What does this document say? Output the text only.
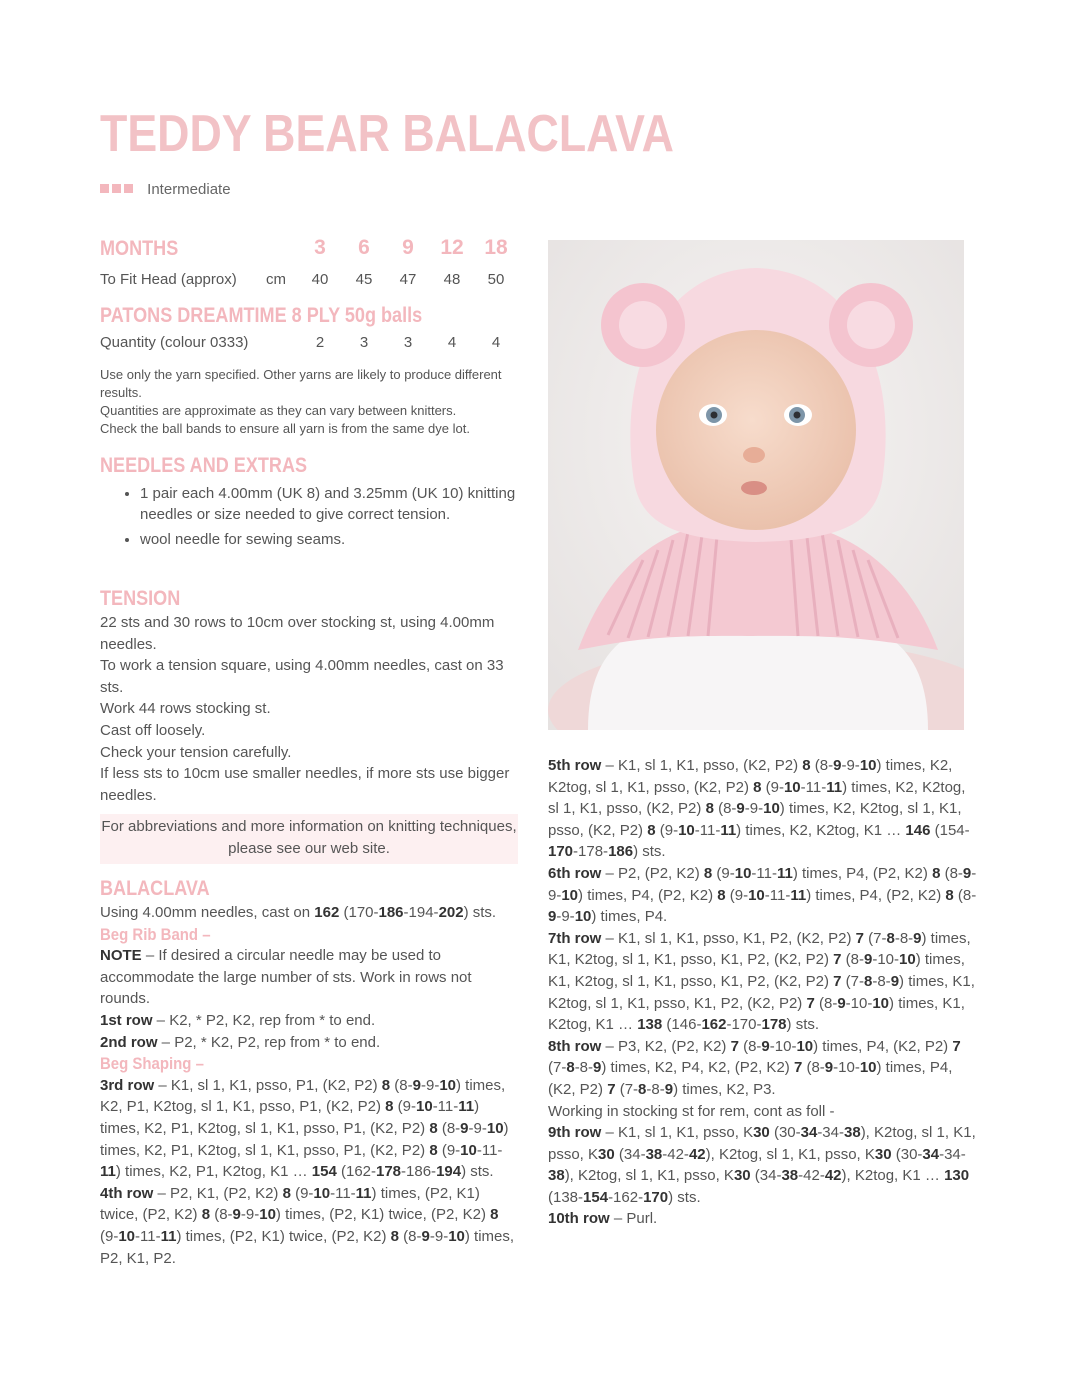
TEDDY BEAR BALACLAVA
Intermediate
MONTHS	3	6	9	12 18
To Fit Head (approx) cm	40	45	47	48	50
PATONS DREAMTIME 8 PLY 50g balls
Quantity (colour 0333)	2	3	3	4	4

Use only the yarn specified. Other yarns are likely to produce different results.

Quantities are approximate as they can vary between knitters.

Check the ball bands to ensure all yarn is from the same dye lot.

NEEDLES AND EXTRAS
• 1 pair each 4.00mm (UK 8) and 3.25mm (UK 10) knitting needles or size needed to give correct tension.
• wool needle for sewing seams.
TENSION

22 sts and 30 rows to 10cm over stocking st, using 4.00mm needles.

To work a tension square, using 4.00mm needles, cast on 33 sts.

Work 44 rows stocking st.

Cast off loosely.

Check your tension carefully.

If less sts to 10cm use smaller needles, if more sts use bigger needles.

For abbreviations and more information on knitting techniques, please see our web site.
BALACLAVA

Using 4.00mm needles, cast on 162 (170-186-194-202) sts.

Beg Rib Band –

NOTE – If desired a circular needle may be used to accommodate the large number of sts. Work in rows not rounds.

1st row – K2, * P2, K2, rep from * to end.

2nd row – P2, * K2, P2, rep from * to end.

Beg Shaping –

3rd row – K1, sl 1, K1, psso, P1, (K2, P2) 8 (8-9-9-10) times, K2, P1, K2tog, sl 1, K1, psso, P1, (K2, P2) 8 (9-10-11-11) times, K2, P1, K2tog, sl 1, K1, psso, P1, (K2, P2) 8 (8-9-9-10) times, K2, P1, K2tog, sl 1, K1, psso, P1, (K2, P2) 8 (9-10-11-11) times, K2, P1, K2tog, K1 … 154 (162-178-186-194) sts.

4th row – P2, K1, (P2, K2) 8 (9-10-11-11) times, (P2, K1) twice, (P2, K2) 8 (8-9-9-10) times, (P2, K1) twice, (P2, K2) 8 (9-10-11-11) times, (P2, K1) twice, (P2, K2) 8 (8-9-9-10) times, P2, K1, P2.

5th row – K1, sl 1, K1, psso, (K2, P2) 8 (8-9-9-10) times, K2, K2tog, sl 1, K1, psso, (K2, P2) 8 (9-10-11-11) times, K2, K2tog, sl 1, K1, psso, (K2, P2) 8 (8-9-9-10) times, K2, K2tog, sl 1, K1, psso, (K2, P2) 8 (9-10-11-11) times, K2, K2tog, K1 … 146 (154-170-178-186) sts.

6th row – P2, (P2, K2) 8 (9-10-11-11) times, P4, (P2, K2) 8 (8-9-9-10) times, P4, (P2, K2) 8 (9-10-11-11) times, P4, (P2, K2) 8 (8-9-9-10) times, P4.

7th row – K1, sl 1, K1, psso, K1, P2, (K2, P2) 7 (7-8-8-9) times, K1, K2tog, sl 1, K1, psso, K1, P2, (K2, P2) 7 (8-9-10-10) times, K1, K2tog, sl 1, K1, psso, K1, P2, (K2, P2) 7 (7-8-8-9) times, K1, K2tog, sl 1, K1, psso, K1, P2, (K2, P2) 7 (8-9-10-10) times, K1, K2tog, K1 … 138 (146-162-170-178) sts.

8th row – P3, K2, (P2, K2) 7 (8-9-10-10) times, P4, (K2, P2) 7 (7-8-8-9) times, K2, P4, K2, (P2, K2) 7 (8-9-10-10) times, P4, (K2, P2) 7 (7-8-8-9) times, K2, P3.

Working in stocking st for rem, cont as foll -

9th row – K1, sl 1, K1, psso, K30 (30-34-34-38), K2tog, sl 1, K1, psso, K30 (34-38-42-42), K2tog, sl 1, K1, psso, K30 (30-34-34-38), K2tog, sl 1, K1, psso, K30 (34-38-42-42), K2tog, K1 … 130 (138-154-162-170) sts.

10th row – Purl.
